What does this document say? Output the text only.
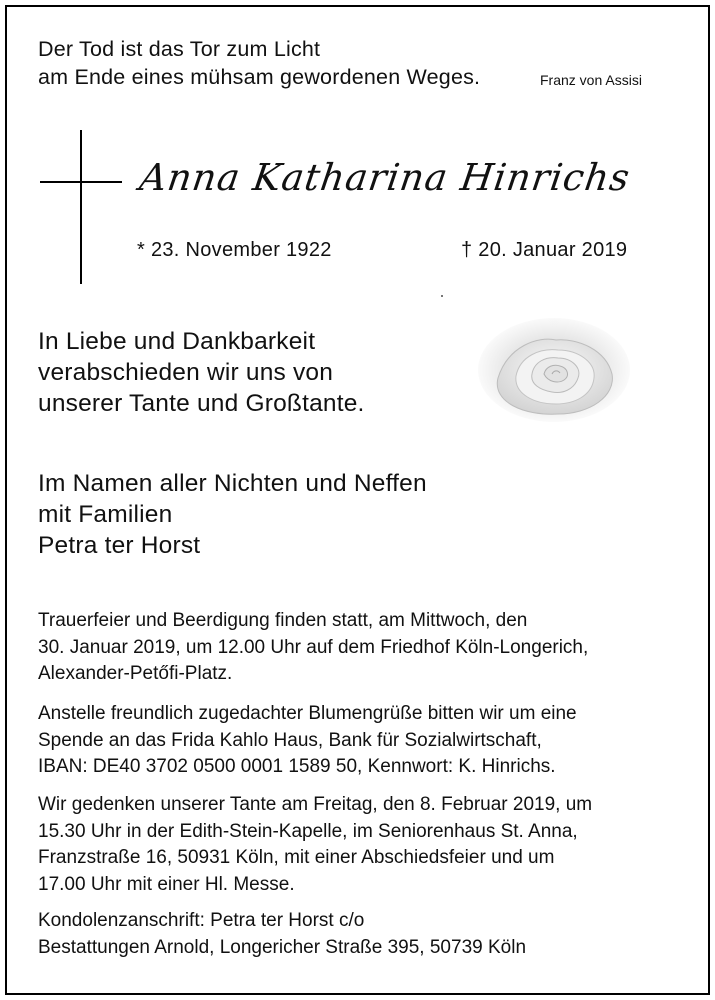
Der Tod ist das Tor zum Licht
am Ende eines mühsam gewordenen Weges.	Franz von Assisi
Anna Katharina Hinrichs
* 23. November 1922	† 20. Januar 2019
In Liebe und Dankbarkeit
verabschieden wir uns von
unserer Tante und Großtante.
Im Namen aller Nichten und Neffen
mit Familien
Petra ter Horst
Trauerfeier und Beerdigung finden statt, am Mittwoch, den
30. Januar 2019, um 12.00 Uhr auf dem Friedhof Köln-Longerich,
Alexander-Petőfi-Platz.
Anstelle freundlich zugedachter Blumengrüße bitten wir um eine
Spende an das Frida Kahlo Haus, Bank für Sozialwirtschaft,
IBAN: DE40 3702 0500 0001 1589 50, Kennwort: K. Hinrichs.
Wir gedenken unserer Tante am Freitag, den 8. Februar 2019, um
15.30 Uhr in der Edith-Stein-Kapelle, im Seniorenhaus St. Anna,
Franzstraße 16, 50931 Köln, mit einer Abschiedsfeier und um
17.00 Uhr mit einer Hl. Messe.
Kondolenzanschrift: Petra ter Horst c/o
Bestattungen Arnold, Longericher Straße 395, 50739 Köln
